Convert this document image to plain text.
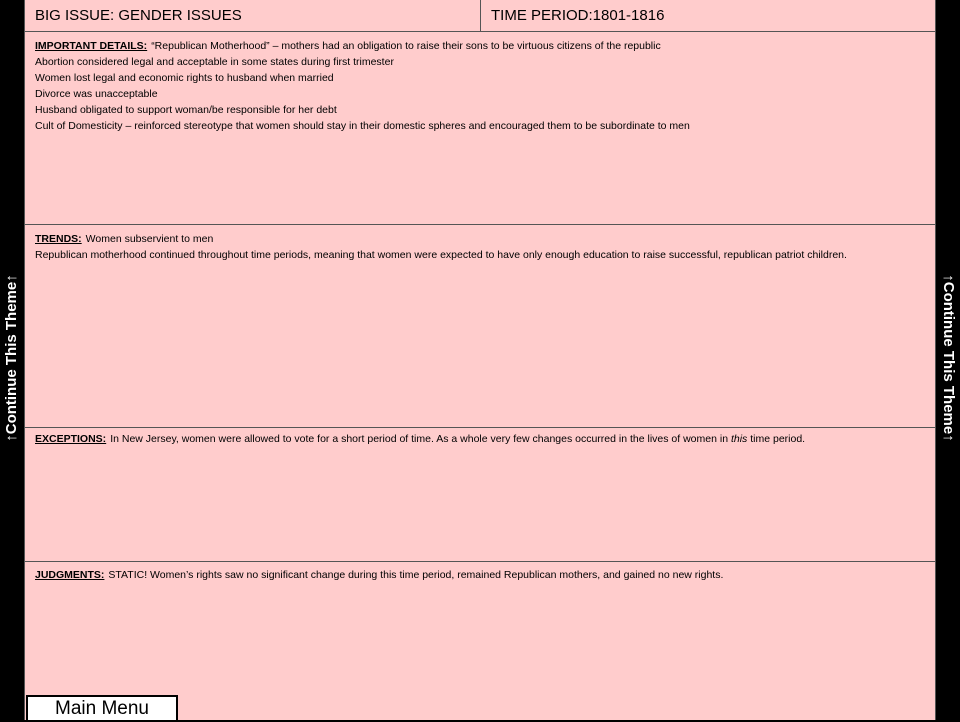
BIG ISSUE: GENDER ISSUES	TIME PERIOD:1801-1816
IMPORTANT DETAILS: “Republican Motherhood” – mothers had an obligation to raise their sons to be virtuous citizens of the republic
Abortion considered legal and acceptable in some states during first trimester
Women lost legal and economic rights to husband when married
Divorce was unacceptable
Husband obligated to support woman/be responsible for her debt
Cult of Domesticity – reinforced stereotype that women should stay in their domestic spheres and encouraged them to be subordinate to men
TRENDS: Women subservient to men
Republican motherhood continued throughout time periods, meaning that women were expected to have only enough education to raise successful, republican patriot children.
EXCEPTIONS: In New Jersey, women were allowed to vote for a short period of time. As a whole very few changes occurred in the lives of women in this time period.
JUDGMENTS: STATIC! Women’s rights saw no significant change during this time period, remained Republican mothers, and gained no new rights.
↑Continue This Theme↑	↑Continue This Theme↑
Main Menu
